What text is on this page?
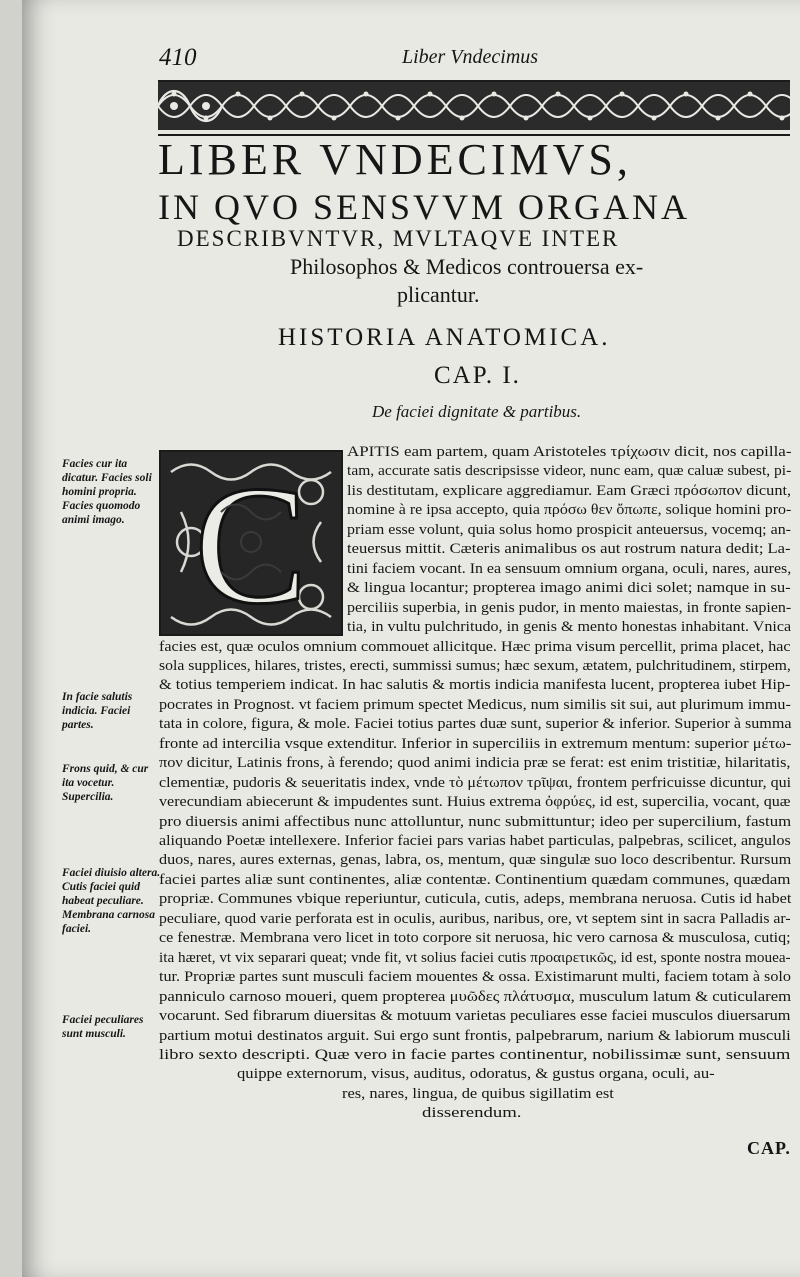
410	Liber Vndecimus
LIBER VNDECIMVS,
IN QVO SENSVVM ORGANA
DESCRIBVNTVR, MVLTAQVE INTER
Philosophos & Medicos controuersa ex-
plicantur.
HISTORIA ANATOMICA.
CAP. I.
De faciei dignitate & partibus.
C
Facies cur ita dicatur. Facies soli homini propria. Facies quomodo animi imago.
In facie salutis indicia. Faciei partes.
Frons quid, & cur ita vocetur. Supercilia.
Faciei diuisio altera. Cutis faciei quid habeat peculiare. Membrana carnosa faciei.
Faciei peculiares sunt musculi.
APITIS eam partem, quam Aristoteles τρίχωσιν dicit, nos capilla-
tam, accurate satis descripsisse videor, nunc eam, quæ caluæ subest, pi-
lis destitutam, explicare aggrediamur. Eam Græci πρόσωπον dicunt,
nomine à re ipsa accepto, quia πρόσω θεν ὄπωπε, solique homini pro-
priam esse volunt, quia solus homo prospicit anteuersus, vocemq; an-
teuersus mittit. Cæteris animalibus os aut rostrum natura dedit; La-
tini faciem vocant. In ea sensuum omnium organa, oculi, nares, aures,
& lingua locantur; propterea imago animi dici solet; namque in su-
perciliis superbia, in genis pudor, in mento maiestas, in fronte sapien-
tia, in vultu pulchritudo, in genis & mento honestas inhabitant. Vnica
facies est, quæ oculos omnium commouet allicitque. Hæc prima visum percellit, prima placet, hac
sola supplices, hilares, tristes, erecti, summissi sumus; hæc sexum, ætatem, pulchritudinem, stirpem,
& totius temperiem indicat. In hac salutis & mortis indicia manifesta lucent, propterea iubet Hip-
pocrates in Prognost. vt faciem primum spectet Medicus, num similis sit sui, aut plurimum immu-
tata in colore, figura, & mole. Faciei totius partes duæ sunt, superior & inferior. Superior à summa
fronte ad intercilia vsque extenditur. Inferior in superciliis in extremum mentum: superior μέτω-
πον dicitur, Latinis frons, à ferendo; quod animi indicia præ se ferat: est enim tristitiæ, hilaritatis,
clementiæ, pudoris & seueritatis index, vnde τὸ μέτωπον τρῖψαι, frontem perfricuisse dicuntur, qui
verecundiam abiecerunt & impudentes sunt. Huius extrema ὀφρύες, id est, supercilia, vocant, quæ
pro diuersis animi affectibus nunc attolluntur, nunc submittuntur; ideo per supercilium, fastum
aliquando Poetæ intellexere. Inferior faciei pars varias habet particulas, palpebras, scilicet, angulos
duos, nares, aures externas, genas, labra, os, mentum, quæ singulæ suo loco describentur. Rursum
faciei partes aliæ sunt continentes, aliæ contentæ. Continentium quædam communes, quædam
propriæ. Communes vbique reperiuntur, cuticula, cutis, adeps, membrana neruosa. Cutis id habet
peculiare, quod varie perforata est in oculis, auribus, naribus, ore, vt septem sint in sacra Palladis ar-
ce fenestræ. Membrana vero licet in toto corpore sit neruosa, hic vero carnosa & musculosa, cutiq;
ita hæret, vt vix separari queat; vnde fit, vt solius faciei cutis προαιρετικῶς, id est, sponte nostra mouea-
tur. Propriæ partes sunt musculi faciem mouentes & ossa. Existimarunt multi, faciem totam à solo
panniculo carnoso moueri, quem propterea μυῶδες πλάτυσμα, musculum latum & cuticularem
vocarunt. Sed fibrarum diuersitas & motuum varietas peculiares esse faciei musculos diuersarum
partium motui destinatos arguit. Sui ergo sunt frontis, palpebrarum, narium & labiorum musculi
libro sexto descripti. Quæ vero in facie partes continentur, nobilissimæ sunt, sensuum
quippe externorum, visus, auditus, odoratus, & gustus organa, oculi, au-
res, nares, lingua, de quibus sigillatim est
disserendum.
CAP.
